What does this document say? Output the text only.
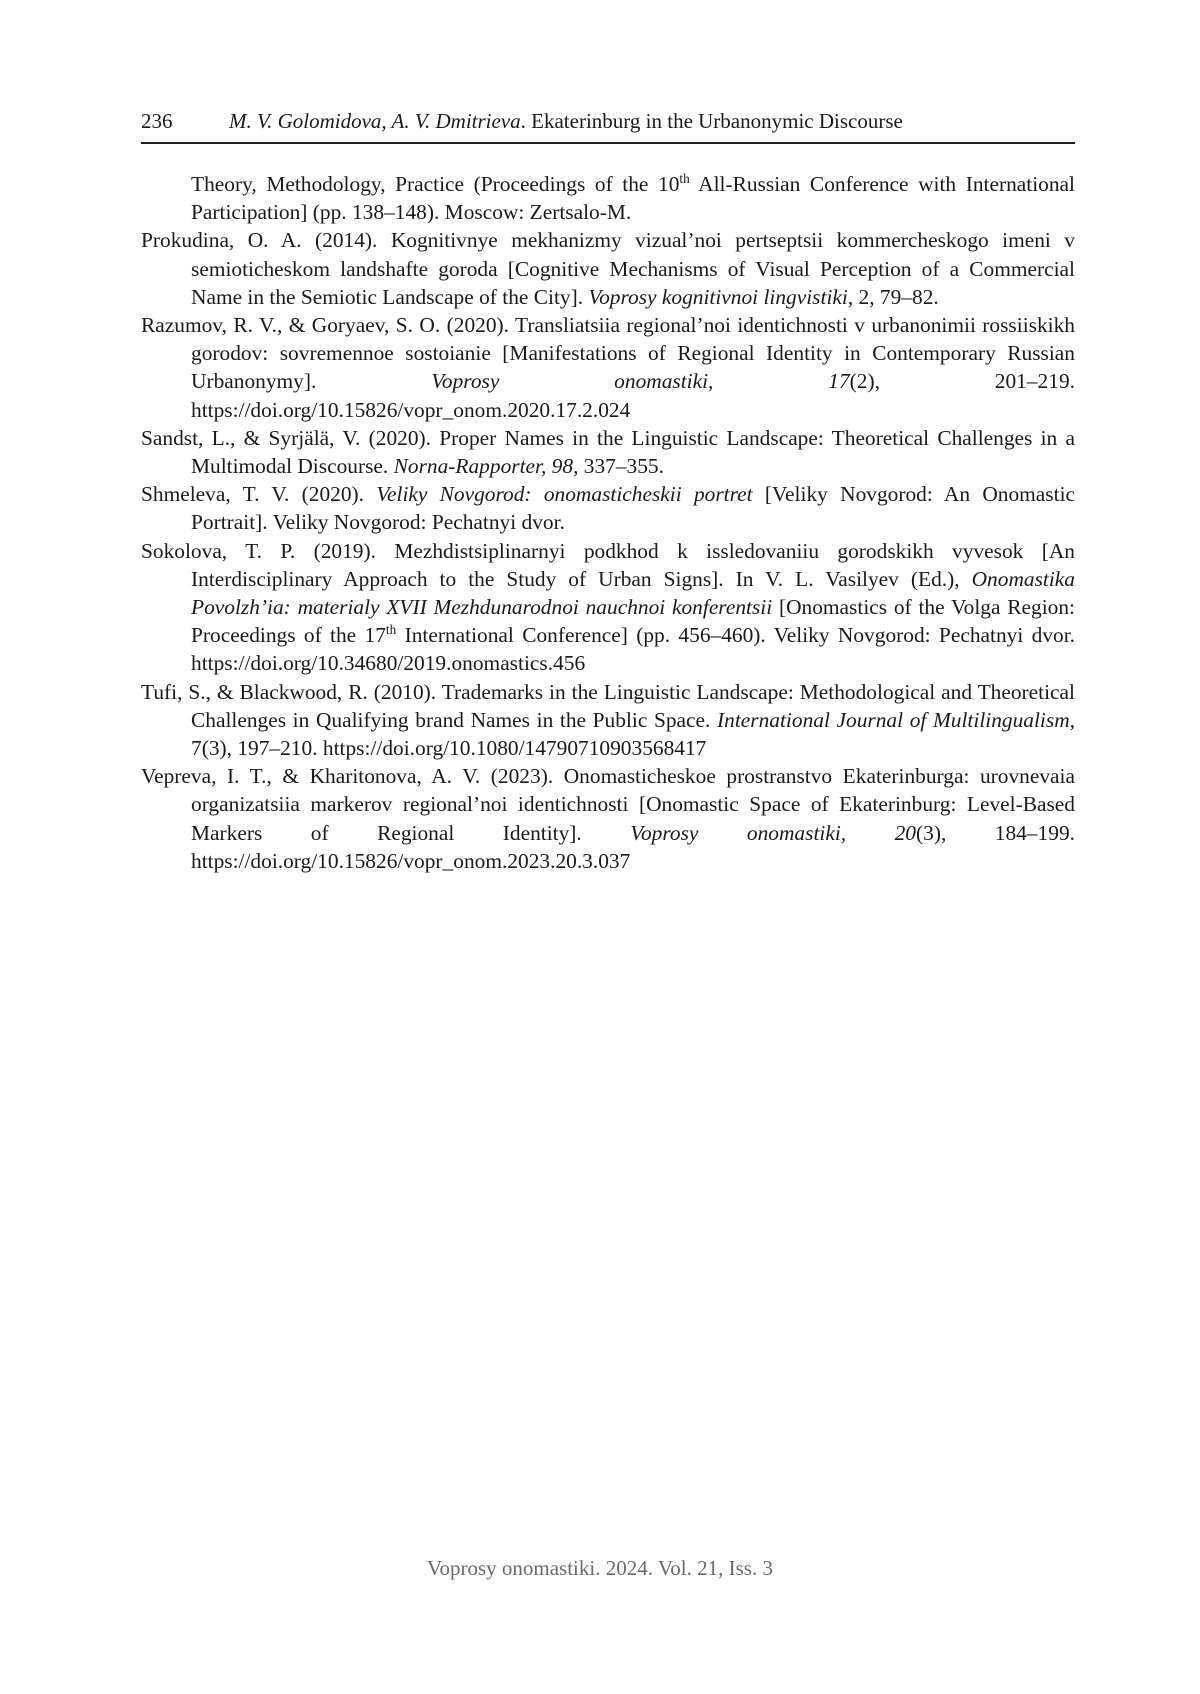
236	M. V. Golomidova, A. V. Dmitrieva. Ekaterinburg in the Urbanonymic Discourse

Theory, Methodology, Practice (Proceedings of the 10th All-Russian Conference with International Participation] (pp. 138–148). Moscow: Zertsalo-M.

Prokudina, O. A. (2014). Kognitivnye mekhanizmy vizual’noi pertseptsii kommercheskogo imeni v semioticheskom landshafte goroda [Cognitive Mechanisms of Visual Perception of a Commercial Name in the Semiotic Landscape of the City]. Voprosy kognitivnoi lingvistiki, 2, 79–82.

Razumov, R. V., & Goryaev, S. O. (2020). Transliatsiia regional’noi identichnosti v urbanonimii rossiiskikh gorodov: sovremennoe sostoianie [Manifestations of Regional Identity in Contemporary Russian Urbanonymy]. Voprosy onomastiki, 17(2), 201–219. https://doi.org/10.15826/vopr_onom.2020.17.2.024

Sandst, L., & Syrjälä, V. (2020). Proper Names in the Linguistic Landscape: Theoretical Challenges in a Multimodal Discourse. Norna-Rapporter, 98, 337–355.

Shmeleva, T. V. (2020). Veliky Novgorod: onomasticheskii portret [Veliky Novgorod: An Onomastic Portrait]. Veliky Novgorod: Pechatnyi dvor.

Sokolova, T. P. (2019). Mezhdistsiplinarnyi podkhod k issledovaniiu gorodskikh vyvesok [An Interdisciplinary Approach to the Study of Urban Signs]. In V. L. Vasilyev (Ed.), Onomastika Povolzh’ia: materialy XVII Mezhdunarodnoi nauchnoi konferentsii [Onomastics of the Volga Region: Proceedings of the 17th International Conference] (pp. 456–460). Veliky Novgorod: Pechatnyi dvor. https://doi.org/10.34680/2019.onomastics.456

Tufi, S., & Blackwood, R. (2010). Trademarks in the Linguistic Landscape: Methodological and Theoretical Challenges in Qualifying brand Names in the Public Space. International Journal of Multilingualism, 7(3), 197–210. https://doi.org/10.1080/14790710903568417

Vepreva, I. T., & Kharitonova, A. V. (2023). Onomasticheskoe prostranstvo Ekaterinburga: urovnevaia organizatsiia markerov regional’noi identichnosti [Onomastic Space of Ekaterinburg: Level-Based Markers of Regional Identity]. Voprosy onomastiki, 20(3), 184–199. https://doi.org/10.15826/vopr_onom.2023.20.3.037

Voprosy onomastiki. 2024. Vol. 21, Iss. 3
